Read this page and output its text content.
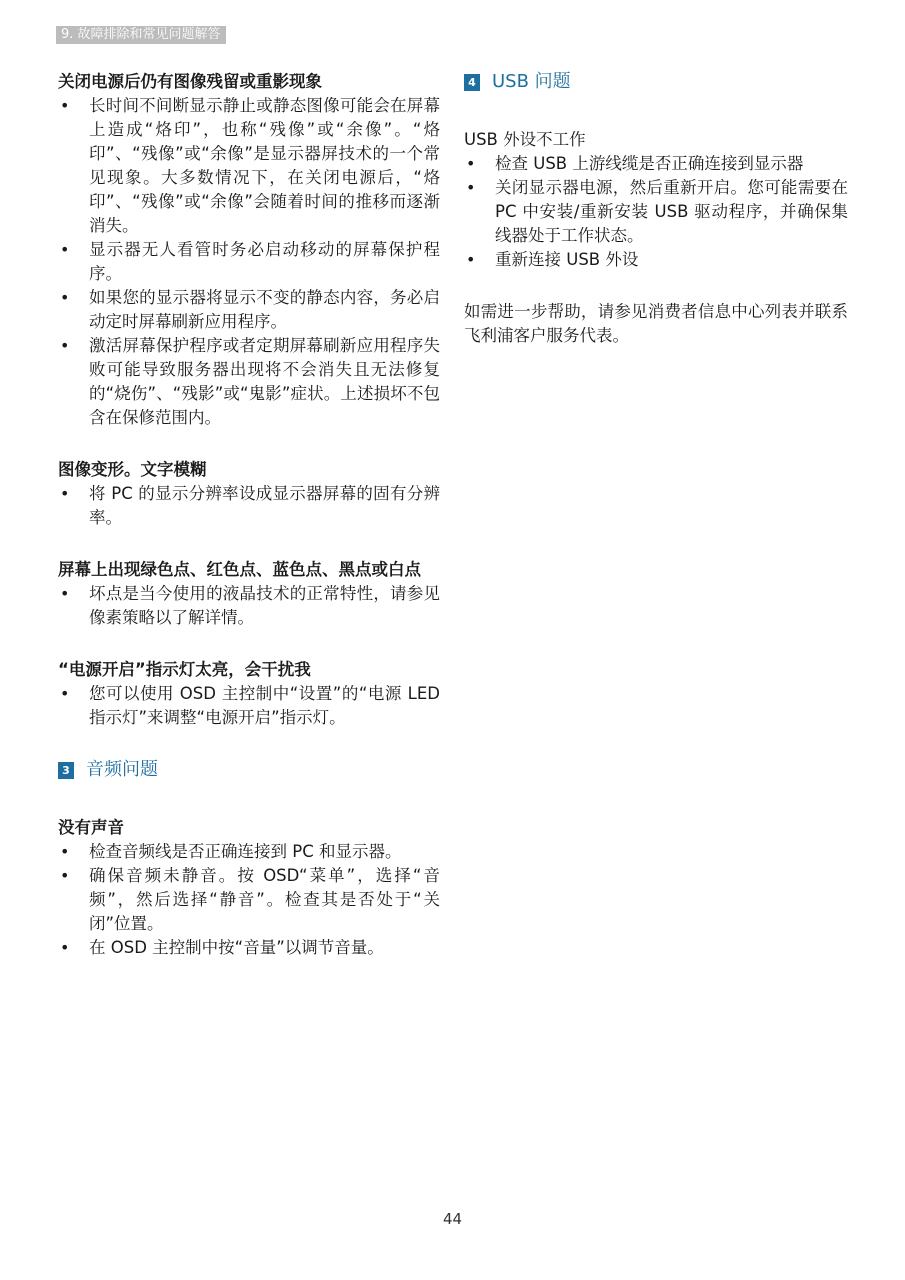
9. 故障排除和常见问题解答
关闭电源后仍有图像残留或重影现象
• 长时间不间断显示静止或静态图像可能会在屏幕上造成“烙印”，也称“残像”或“余像”。“烙印”、“残像”或“余像”是显示器屏技术的一个常见现象。大多数情况下，在关闭电源后，“烙印”、“残像”或“余像”会随着时间的推移而逐渐消失。
• 显示器无人看管时务必启动移动的屏幕保护程序。
• 如果您的显示器将显示不变的静态内容，务必启动定时屏幕刷新应用程序。
• 激活屏幕保护程序或者定期屏幕刷新应用程序失败可能导致服务器出现将不会消失且无法修复的“烧伤”、“残影”或“鬼影”症状。上述损坏不包含在保修范围内。
图像变形。文字模糊
• 将 PC 的显示分辨率设成显示器屏幕的固有分辨率。
屏幕上出现绿色点、红色点、蓝色点、黑点或白点
• 坏点是当今使用的液晶技术的正常特性，请参见像素策略以了解详情。
“电源开启”指示灯太亮，会干扰我
• 您可以使用 OSD 主控制中“设置”的“电源 LED 指示灯”来调整“电源开启”指示灯。
3 音频问题
没有声音
• 检查音频线是否正确连接到 PC 和显示器。
• 确保音频未静音。按 OSD“菜单”，选择“音频”，然后选择“静音”。检查其是否处于“关闭”位置。
• 在 OSD 主控制中按“音量”以调节音量。
4 USB 问题
USB 外设不工作
• 检查 USB 上游线缆是否正确连接到显示器
• 关闭显示器电源，然后重新开启。您可能需要在 PC 中安装/重新安装 USB 驱动程序，并确保集线器处于工作状态。
• 重新连接 USB 外设

如需进一步帮助，请参见消费者信息中心列表并联系飞利浦客户服务代表。

44
